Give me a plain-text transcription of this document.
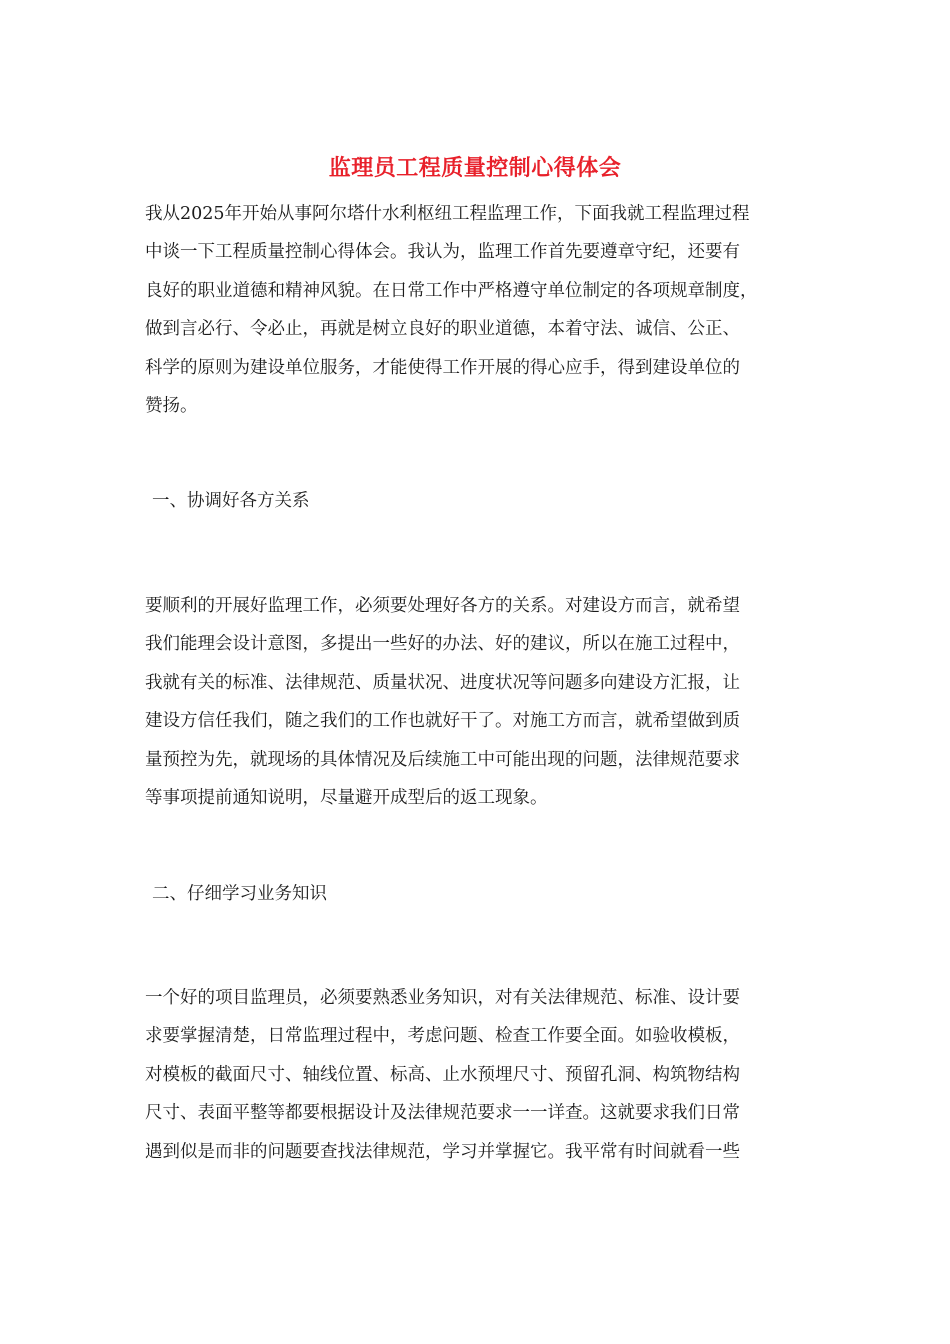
监理员工程质量控制心得体会

我从2025年开始从事阿尔塔什水利枢纽工程监理工作，下面我就工程监理过程
中谈一下工程质量控制心得体会。我认为，监理工作首先要遵章守纪，还要有
良好的职业道德和精神风貌。在日常工作中严格遵守单位制定的各项规章制度，
做到言必行、令必止，再就是树立良好的职业道德，本着守法、诚信、公正、
科学的原则为建设单位服务，才能使得工作开展的得心应手，得到建设单位的
赞扬。

一、协调好各方关系

要顺利的开展好监理工作，必须要处理好各方的关系。对建设方而言，就希望
我们能理会设计意图，多提出一些好的办法、好的建议，所以在施工过程中，
我就有关的标准、法律规范、质量状况、进度状况等问题多向建设方汇报，让
建设方信任我们，随之我们的工作也就好干了。对施工方而言，就希望做到质
量预控为先，就现场的具体情况及后续施工中可能出现的问题，法律规范要求
等事项提前通知说明，尽量避开成型后的返工现象。

二、仔细学习业务知识

一个好的项目监理员，必须要熟悉业务知识，对有关法律规范、标准、设计要
求要掌握清楚，日常监理过程中，考虑问题、检查工作要全面。如验收模板，
对模板的截面尺寸、轴线位置、标高、止水预埋尺寸、预留孔洞、构筑物结构
尺寸、表面平整等都要根据设计及法律规范要求一一详查。这就要求我们日常
遇到似是而非的问题要查找法律规范，学习并掌握它。我平常有时间就看一些
